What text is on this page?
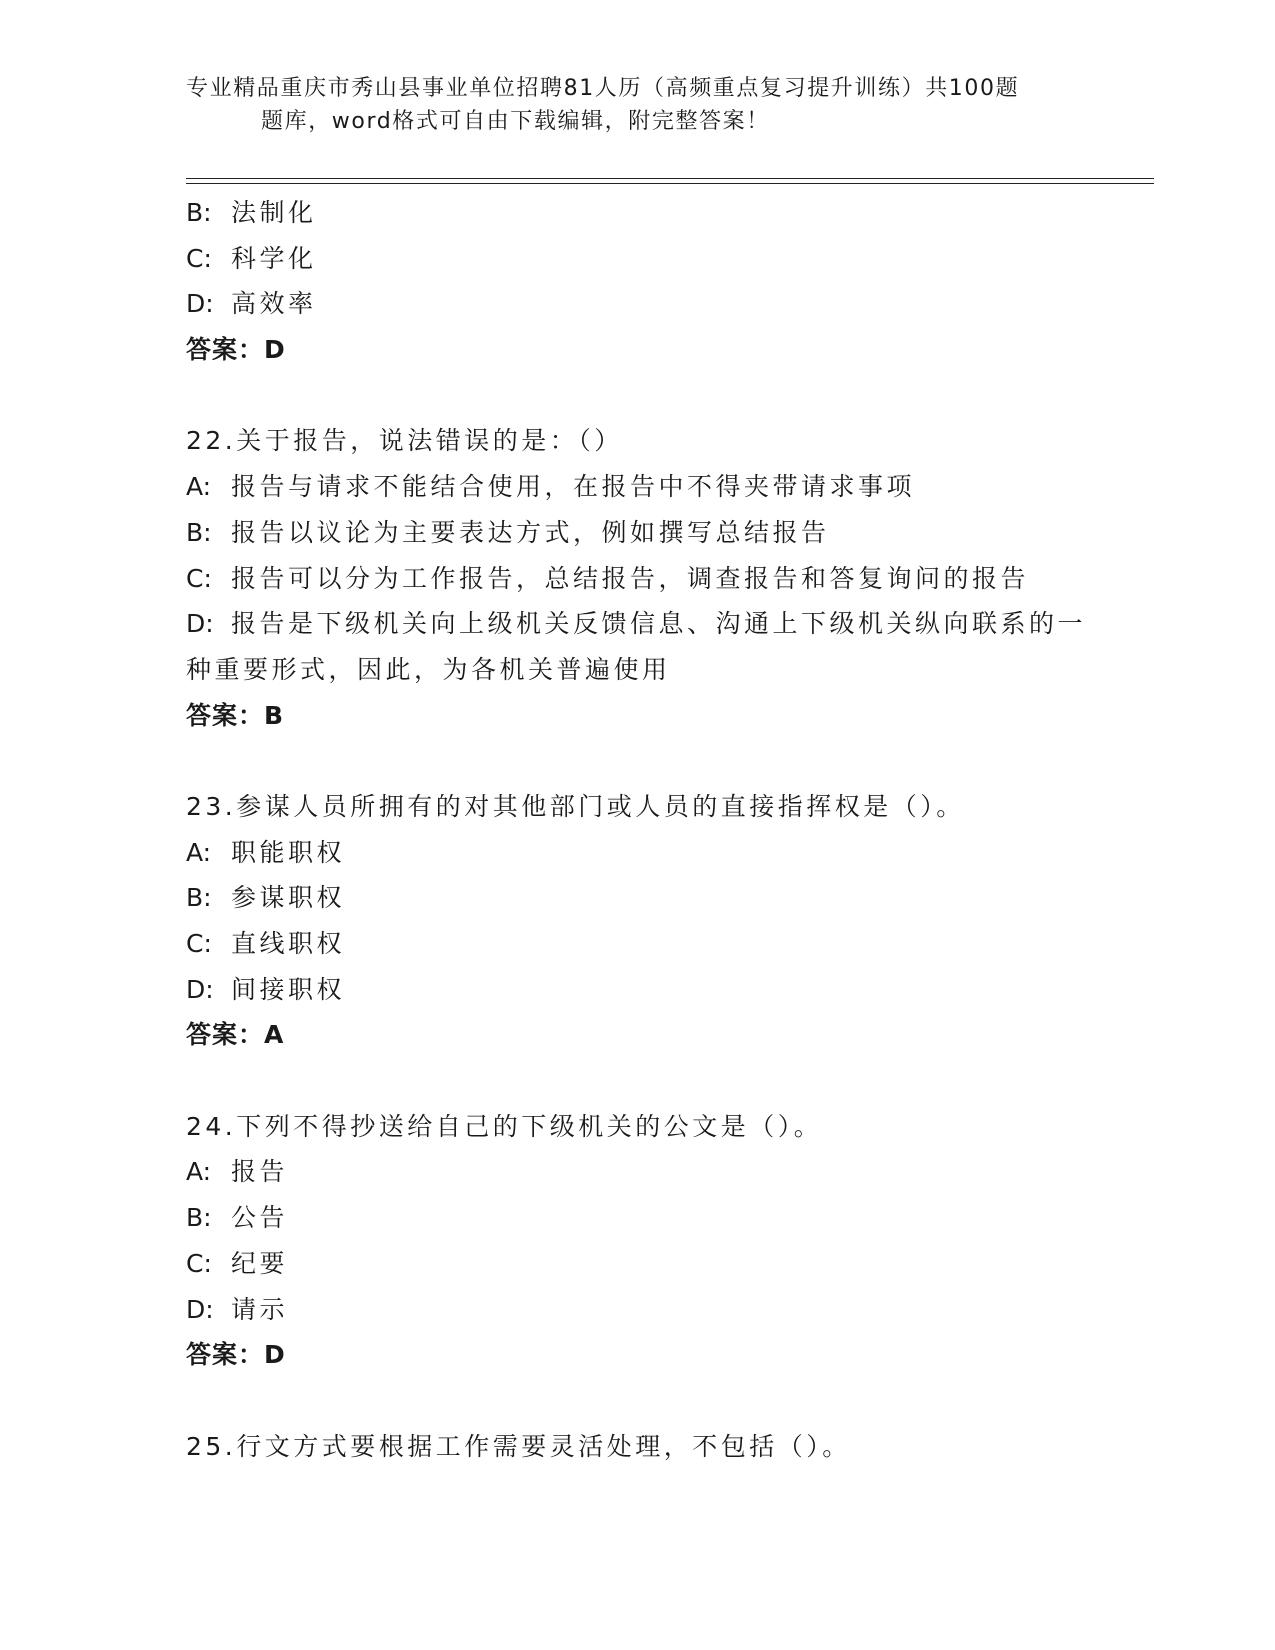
专业精品重庆市秀山县事业单位招聘81人历（高频重点复习提升训练）共100题
题库，word格式可自由下载编辑，附完整答案！
B: 法制化
C: 科学化
D: 高效率
答案：D
22.关于报告，说法错误的是：（）
A: 报告与请求不能结合使用，在报告中不得夹带请求事项
B: 报告以议论为主要表达方式，例如撰写总结报告
C: 报告可以分为工作报告，总结报告，调查报告和答复询问的报告
D: 报告是下级机关向上级机关反馈信息、沟通上下级机关纵向联系的一种重要形式，因此，为各机关普遍使用
答案：B
23.参谋人员所拥有的对其他部门或人员的直接指挥权是（）。
A: 职能职权
B: 参谋职权
C: 直线职权
D: 间接职权
答案：A
24.下列不得抄送给自己的下级机关的公文是（）。
A: 报告
B: 公告
C: 纪要
D: 请示
答案：D
25.行文方式要根据工作需要灵活处理，不包括（）。
